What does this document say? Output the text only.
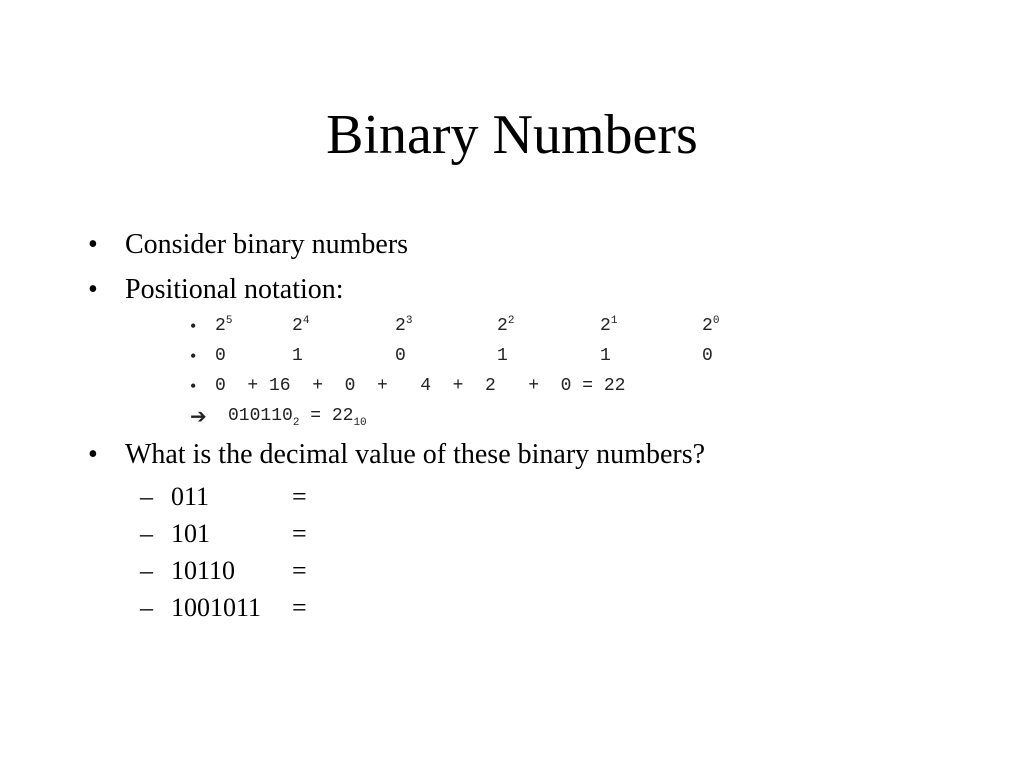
Binary Numbers
• Consider binary numbers
• Positional notation:
• $2^5$	$2^4$	$2^3$	$2^2$	$2^1$	$2^0$
• 0	1	0	1	1	0
• 0  + 16  +  0  +   4  +  2   +  0 = 22
➔ $010110_2 = 22_{10}$
• What is the decimal value of these binary numbers?
– 011	=
– 101	=
– 10110 =
– 1001011 =
